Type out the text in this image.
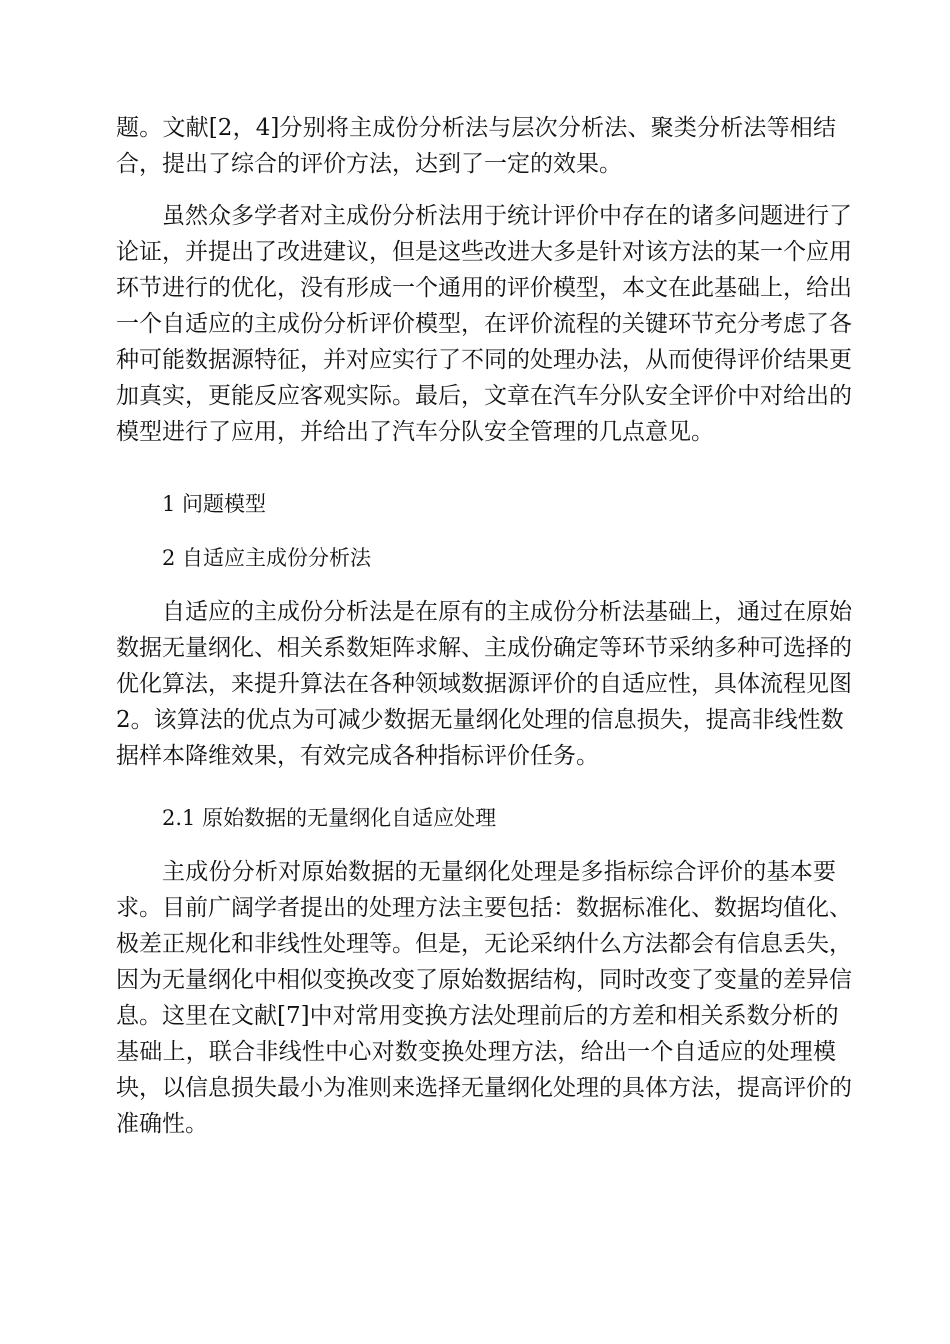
题。文献[2，4]分别将主成份分析法与层次分析法、聚类分析法等相结
合，提出了综合的评价方法，达到了一定的效果。
虽然众多学者对主成份分析法用于统计评价中存在的诸多问题进行了
论证，并提出了改进建议，但是这些改进大多是针对该方法的某一个应用
环节进行的优化，没有形成一个通用的评价模型，本文在此基础上，给出
一个自适应的主成份分析评价模型，在评价流程的关键环节充分考虑了各
种可能数据源特征，并对应实行了不同的处理办法，从而使得评价结果更
加真实，更能反应客观实际。最后，文章在汽车分队安全评价中对给出的
模型进行了应用，并给出了汽车分队安全管理的几点意见。
1 问题模型
2 自适应主成份分析法
自适应的主成份分析法是在原有的主成份分析法基础上，通过在原始
数据无量纲化、相关系数矩阵求解、主成份确定等环节采纳多种可选择的
优化算法，来提升算法在各种领域数据源评价的自适应性，具体流程见图
2。该算法的优点为可减少数据无量纲化处理的信息损失，提高非线性数
据样本降维效果，有效完成各种指标评价任务。
2.1 原始数据的无量纲化自适应处理
主成份分析对原始数据的无量纲化处理是多指标综合评价的基本要
求。目前广阔学者提出的处理方法主要包括：数据标准化、数据均值化、
极差正规化和非线性处理等。但是，无论采纳什么方法都会有信息丢失，
因为无量纲化中相似变换改变了原始数据结构，同时改变了变量的差异信
息。这里在文献[7]中对常用变换方法处理前后的方差和相关系数分析的
基础上，联合非线性中心对数变换处理方法，给出一个自适应的处理模
块，以信息损失最小为准则来选择无量纲化处理的具体方法，提高评价的
准确性。
